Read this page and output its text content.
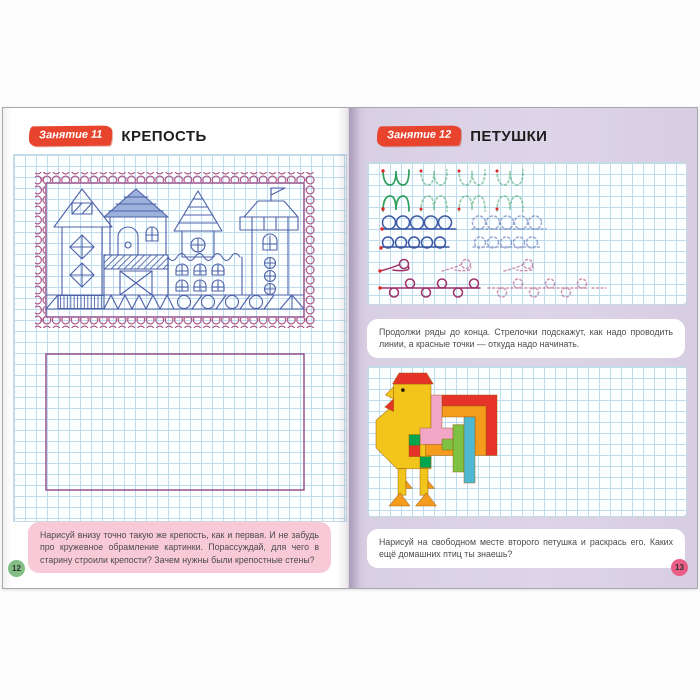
Занятие 11	КРЕПОСТЬ

Нарисуй внизу точно такую же крепость, как и первая. И не забудь про кружевное обрамление картинки. Порассуждай, для чего в старину строили крепости? Зачем нужны были крепостные стены?

12
Занятие 12	ПЕТУШКИ

Продолжи ряды до конца. Стрелочки подскажут, как надо проводить линии, а красные точки — откуда надо начинать.

Нарисуй на свободном месте второго петушка и раскрась его. Каких ещё домашних птиц ты знаешь?

13
